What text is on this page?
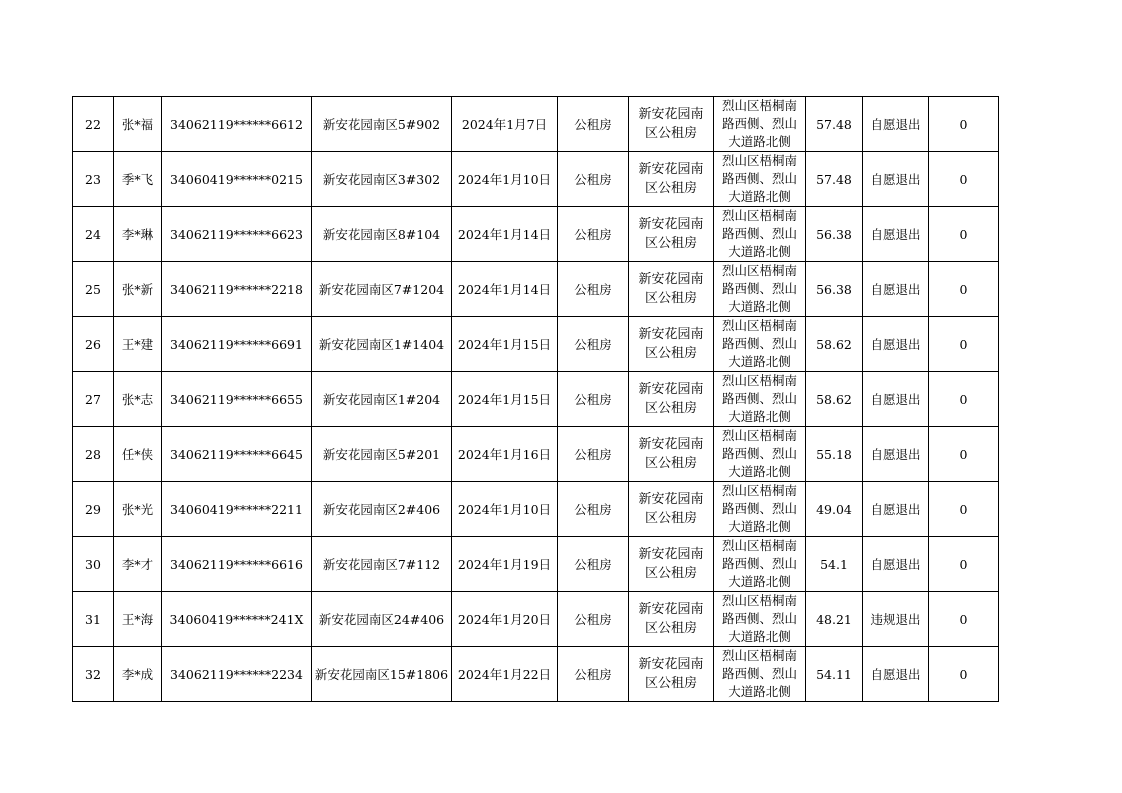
22	张*福	34062119******6612	新安花园南区5#902	2024年1月7日	公租房	新安花园南区公租房	烈山区梧桐南路西侧、烈山大道路北侧	57.48	自愿退出	0
23	季*飞	34060419******0215	新安花园南区3#302	2024年1月10日	公租房	新安花园南区公租房	烈山区梧桐南路西侧、烈山大道路北侧	57.48	自愿退出	0
24	李*琳	34062119******6623	新安花园南区8#104	2024年1月14日	公租房	新安花园南区公租房	烈山区梧桐南路西侧、烈山大道路北侧	56.38	自愿退出	0
25	张*新	34062119******2218	新安花园南区7#1204	2024年1月14日	公租房	新安花园南区公租房	烈山区梧桐南路西侧、烈山大道路北侧	56.38	自愿退出	0
26	王*建	34062119******6691	新安花园南区1#1404	2024年1月15日	公租房	新安花园南区公租房	烈山区梧桐南路西侧、烈山大道路北侧	58.62	自愿退出	0
27	张*志	34062119******6655	新安花园南区1#204	2024年1月15日	公租房	新安花园南区公租房	烈山区梧桐南路西侧、烈山大道路北侧	58.62	自愿退出	0
28	任*侠	34062119******6645	新安花园南区5#201	2024年1月16日	公租房	新安花园南区公租房	烈山区梧桐南路西侧、烈山大道路北侧	55.18	自愿退出	0
29	张*光	34060419******2211	新安花园南区2#406	2024年1月10日	公租房	新安花园南区公租房	烈山区梧桐南路西侧、烈山大道路北侧	49.04	自愿退出	0
30	李*才	34062119******6616	新安花园南区7#112	2024年1月19日	公租房	新安花园南区公租房	烈山区梧桐南路西侧、烈山大道路北侧	54.1	自愿退出	0
31	王*海	34060419******241X	新安花园南区24#406	2024年1月20日	公租房	新安花园南区公租房	烈山区梧桐南路西侧、烈山大道路北侧	48.21	违规退出	0
32	李*成	34062119******2234	新安花园南区15#1806	2024年1月22日	公租房	新安花园南区公租房	烈山区梧桐南路西侧、烈山大道路北侧	54.11	自愿退出	0
